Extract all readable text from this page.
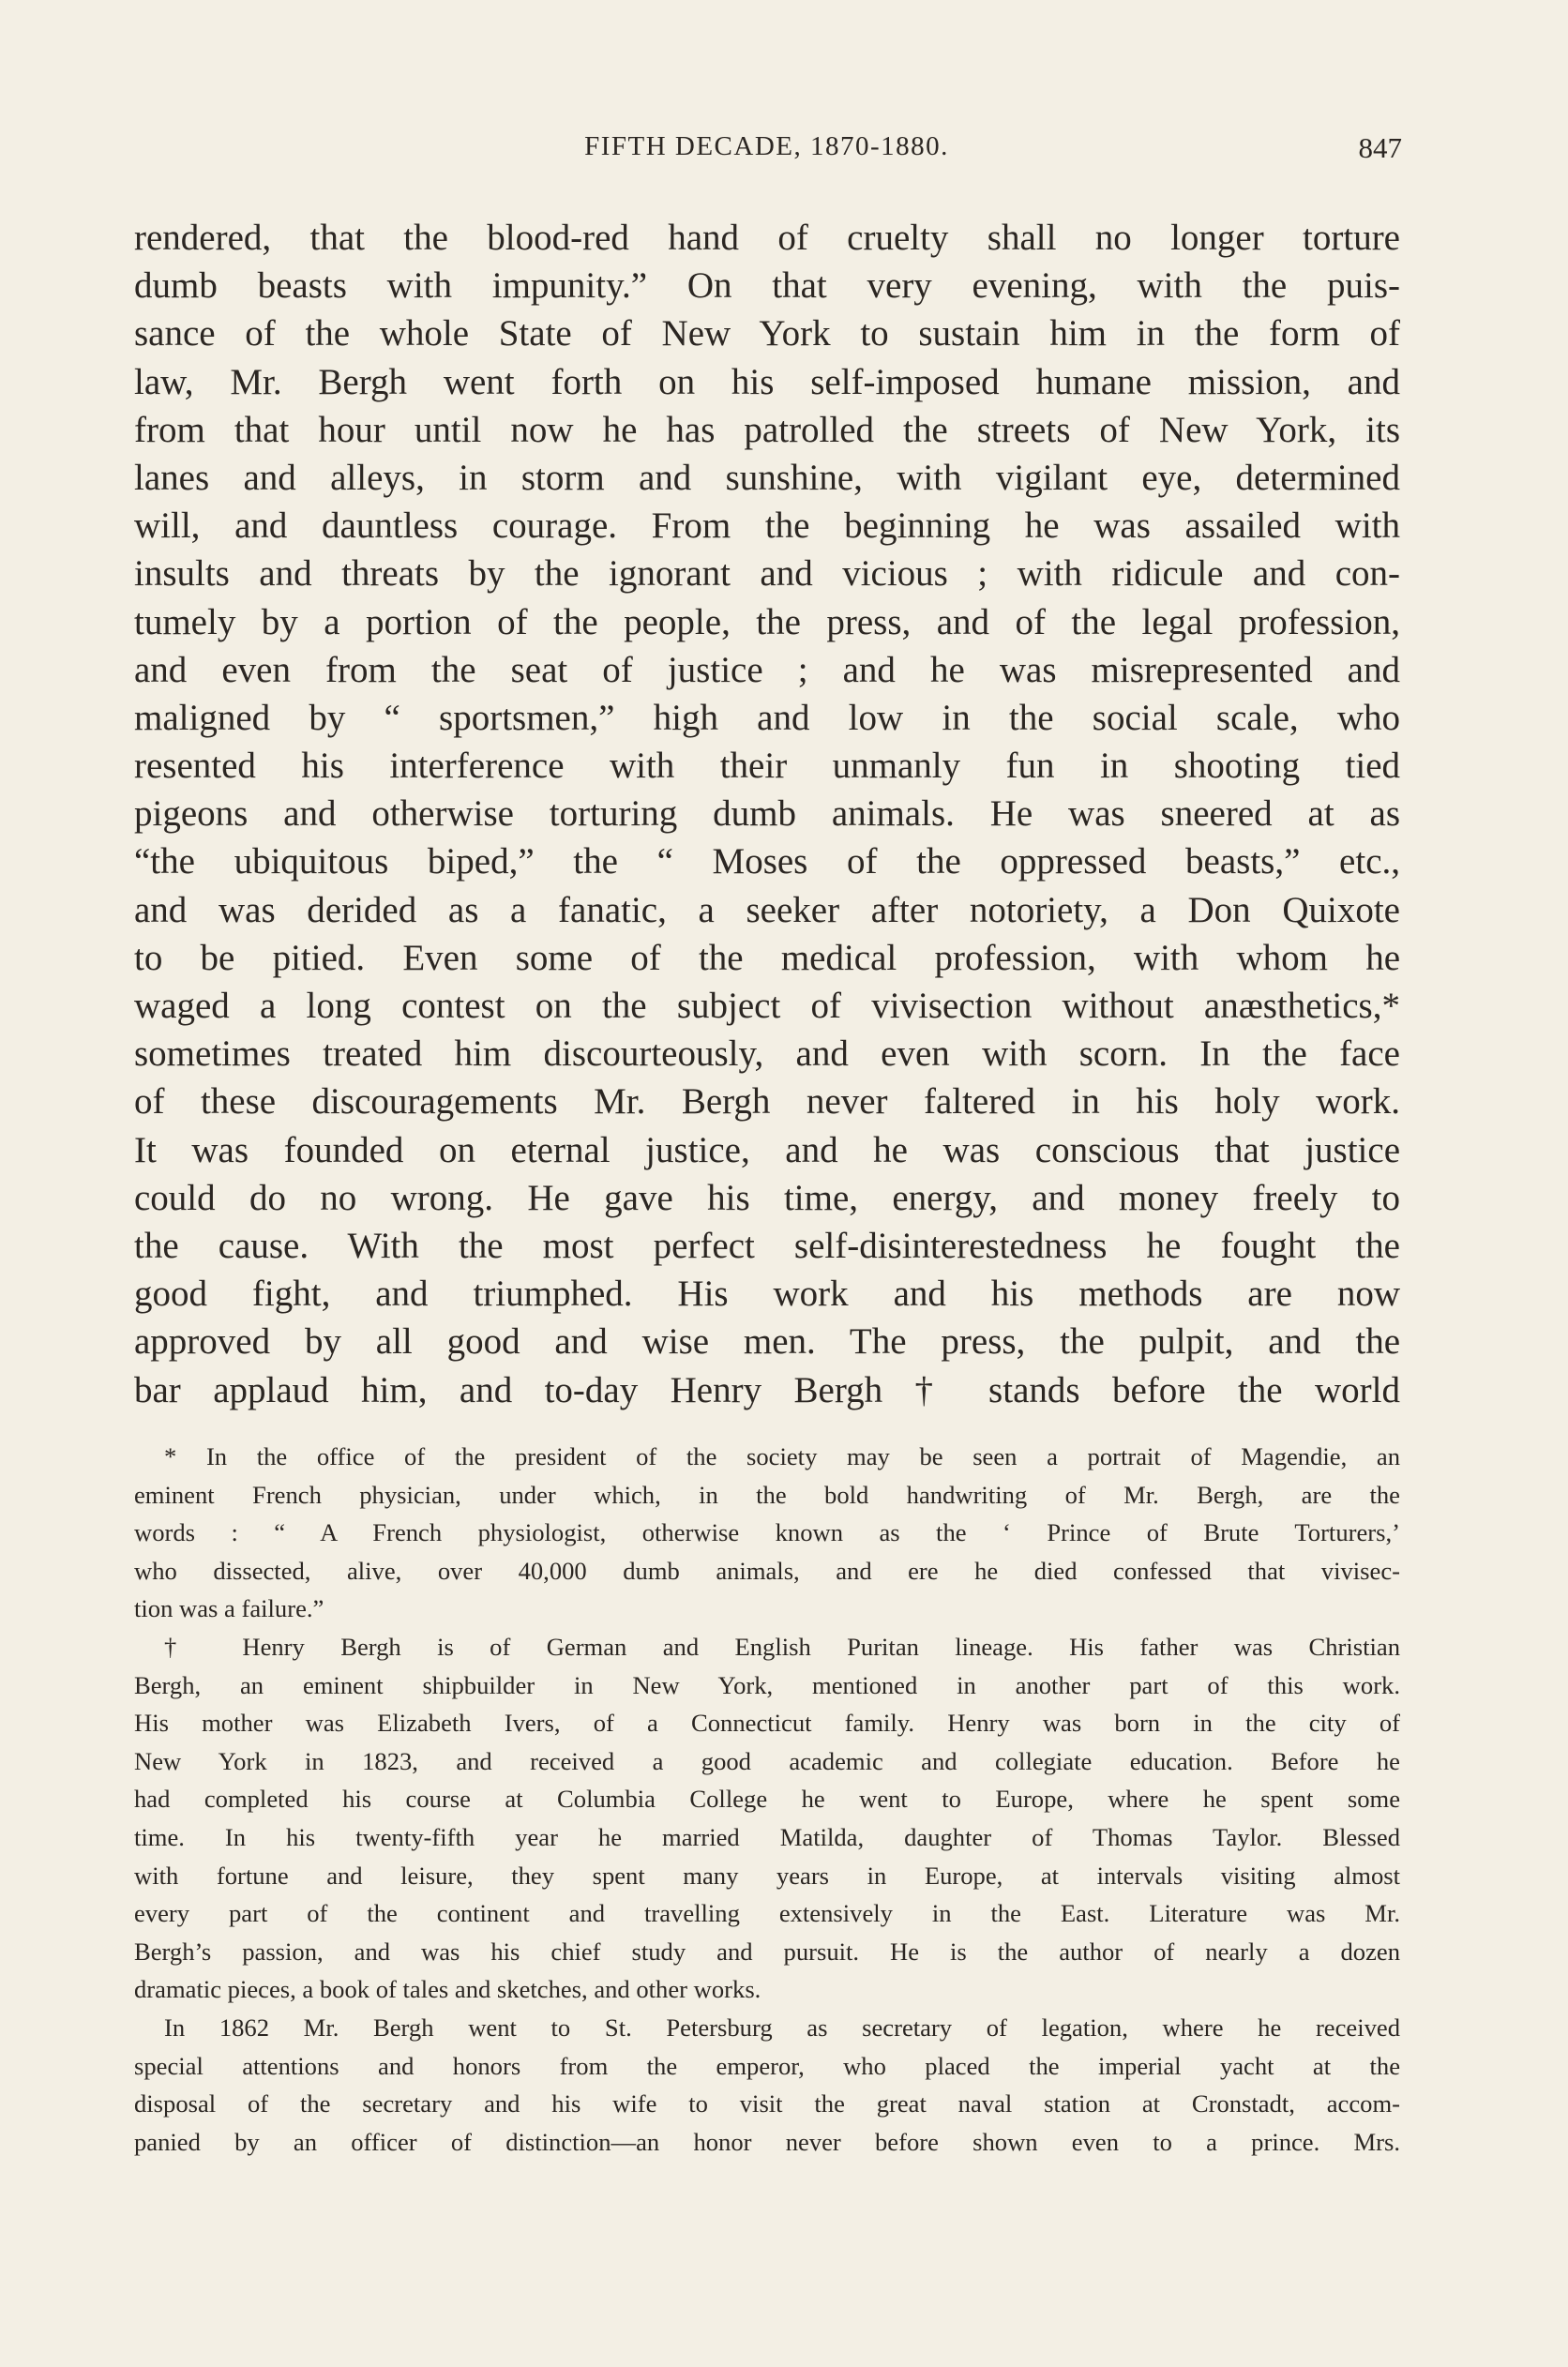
FIFTH DECADE, 1870-1880.	847
rendered, that the blood-red hand of cruelty shall no longer torture
dumb beasts with impunity.” On that very evening, with the puis-
sance of the whole State of New York to sustain him in the form of
law, Mr. Bergh went forth on his self-imposed humane mission, and
from that hour until now he has patrolled the streets of New York, its
lanes and alleys, in storm and sunshine, with vigilant eye, determined
will, and dauntless courage. From the beginning he was assailed with
insults and threats by the ignorant and vicious ; with ridicule and con-
tumely by a portion of the people, the press, and of the legal profession,
and even from the seat of justice ; and he was misrepresented and
maligned by “ sportsmen,” high and low in the social scale, who
resented his interference with their unmanly fun in shooting tied
pigeons and otherwise torturing dumb animals. He was sneered at as
“the ubiquitous biped,” the “ Moses of the oppressed beasts,” etc.,
and was derided as a fanatic, a seeker after notoriety, a Don Quixote
to be pitied. Even some of the medical profession, with whom he
waged a long contest on the subject of vivisection without anæsthetics,*
sometimes treated him discourteously, and even with scorn. In the face
of these discouragements Mr. Bergh never faltered in his holy work.
It was founded on eternal justice, and he was conscious that justice
could do no wrong. He gave his time, energy, and money freely to
the cause. With the most perfect self-disinterestedness he fought the
good fight, and triumphed. His work and his methods are now
approved by all good and wise men. The press, the pulpit, and the
bar applaud him, and to-day Henry Bergh † stands before the world
* In the office of the president of the society may be seen a portrait of Magendie, an
eminent French physician, under which, in the bold handwriting of Mr. Bergh, are the
words : “ A French physiologist, otherwise known as the ‘ Prince of Brute Torturers,’
who dissected, alive, over 40,000 dumb animals, and ere he died confessed that vivisec-
tion was a failure.”
† Henry Bergh is of German and English Puritan lineage. His father was Christian
Bergh, an eminent shipbuilder in New York, mentioned in another part of this work.
His mother was Elizabeth Ivers, of a Connecticut family. Henry was born in the city of
New York in 1823, and received a good academic and collegiate education. Before he
had completed his course at Columbia College he went to Europe, where he spent some
time. In his twenty-fifth year he married Matilda, daughter of Thomas Taylor. Blessed
with fortune and leisure, they spent many years in Europe, at intervals visiting almost
every part of the continent and travelling extensively in the East. Literature was Mr.
Bergh’s passion, and was his chief study and pursuit. He is the author of nearly a dozen
dramatic pieces, a book of tales and sketches, and other works.
In 1862 Mr. Bergh went to St. Petersburg as secretary of legation, where he received
special attentions and honors from the emperor, who placed the imperial yacht at the
disposal of the secretary and his wife to visit the great naval station at Cronstadt, accom-
panied by an officer of distinction—an honor never before shown even to a prince. Mrs.
